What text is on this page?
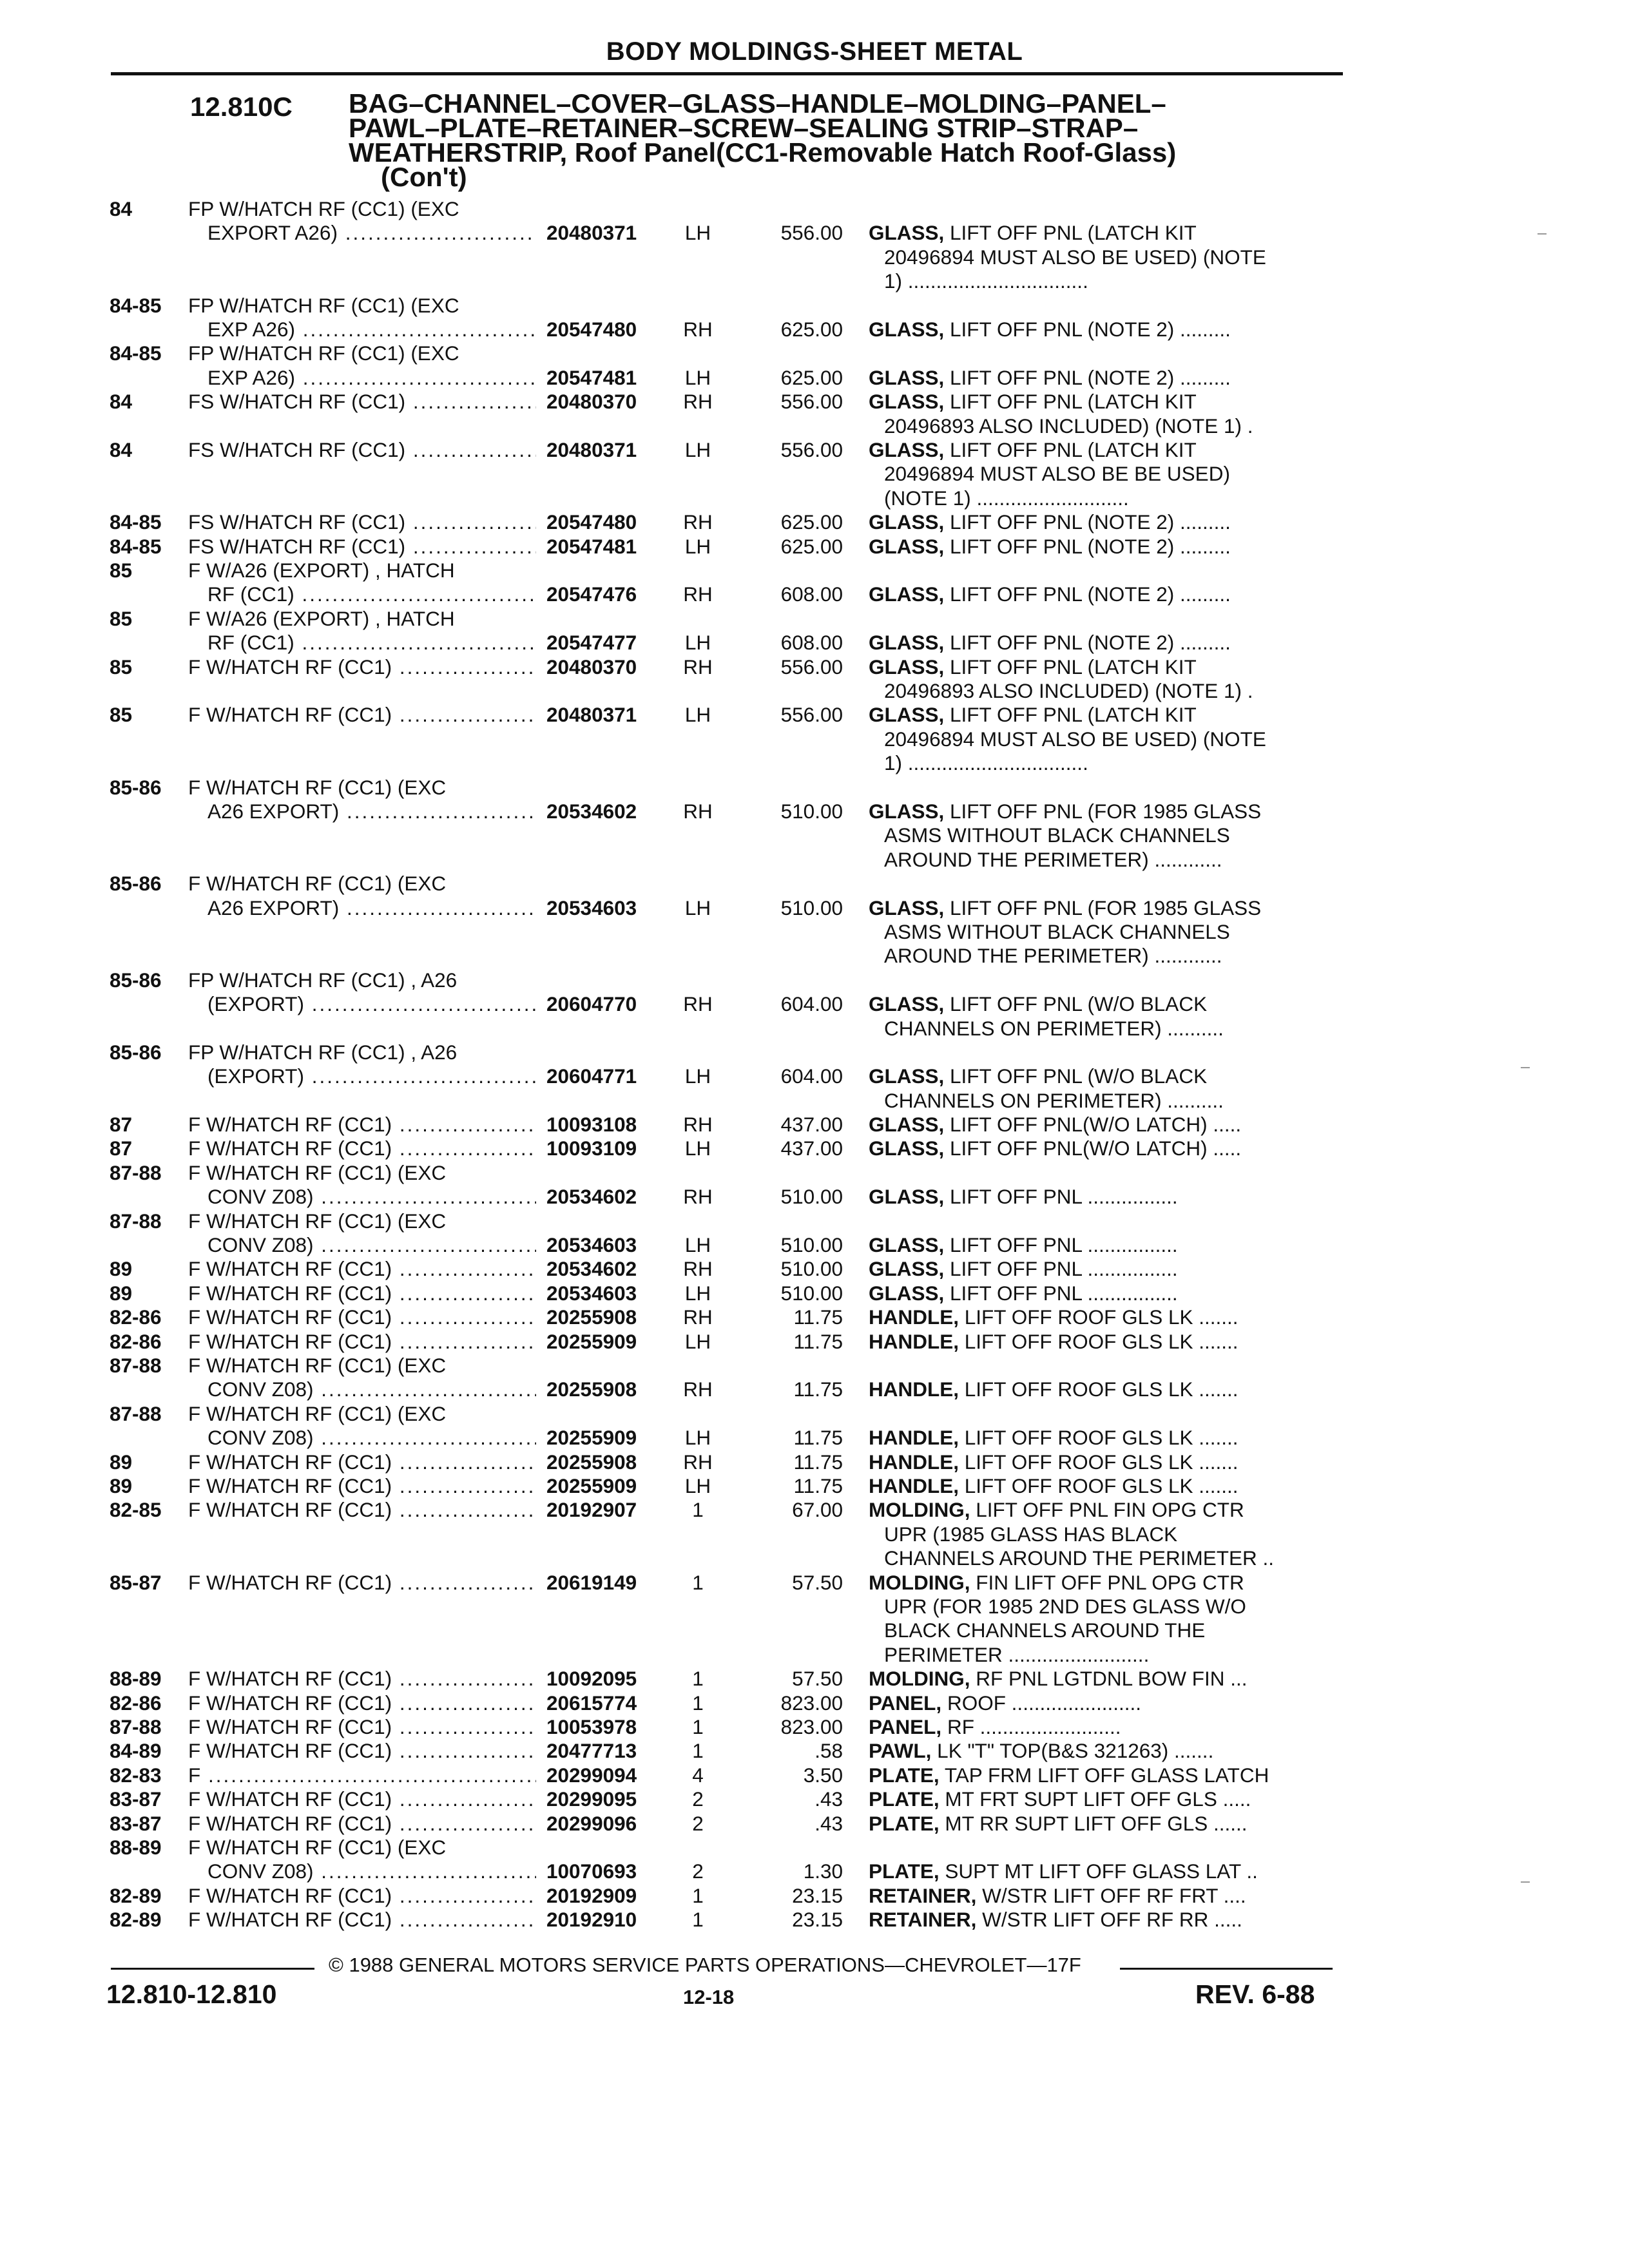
BODY MOLDINGS-SHEET METAL
12.810C BAG–CHANNEL–COVER–GLASS–HANDLE–MOLDING–PANEL–
PAWL–PLATE–RETAINER–SCREW–SEALING STRIP–STRAP–
WEATHERSTRIP, Roof Panel(CC1-Removable Hatch Roof-Glass)
(Con't)
84	FP W/HATCH RF (CC1) (EXC
EXPORT A26) .....	20480371	LH	556.00 GLASS, LIFT OFF PNL (LATCH KIT
20496894 MUST ALSO BE USED) (NOTE
1) ................................
84-85 FP W/HATCH RF (CC1) (EXC
EXP A26) .....	20547480 RH	625.00 GLASS, LIFT OFF PNL (NOTE 2) .........
84-85 FP W/HATCH RF (CC1) (EXC
EXP A26) .....	20547481	LH	625.00 GLASS, LIFT OFF PNL (NOTE 2) .........
84	FS W/HATCH RF (CC1) .....	20480370 RH	556.00 GLASS, LIFT OFF PNL (LATCH KIT
20496893 ALSO INCLUDED) (NOTE 1) .
84	FS W/HATCH RF (CC1) .....	20480371	LH	556.00 GLASS, LIFT OFF PNL (LATCH KIT
20496894 MUST ALSO BE BE USED)
(NOTE 1) ...........................
84-85 FS W/HATCH RF (CC1) .....	20547480 RH	625.00 GLASS, LIFT OFF PNL (NOTE 2) .........
84-85 FS W/HATCH RF (CC1) .....	20547481	LH	625.00 GLASS, LIFT OFF PNL (NOTE 2) .........
85	F W/A26 (EXPORT) , HATCH
RF (CC1) .....	20547476 RH	608.00 GLASS, LIFT OFF PNL (NOTE 2) .........
85	F W/A26 (EXPORT) , HATCH
RF (CC1) .....	20547477	LH	608.00 GLASS, LIFT OFF PNL (NOTE 2) .........
85	F W/HATCH RF (CC1) .....	20480370 RH	556.00 GLASS, LIFT OFF PNL (LATCH KIT
20496893 ALSO INCLUDED) (NOTE 1) .
85	F W/HATCH RF (CC1) .....	20480371	LH	556.00 GLASS, LIFT OFF PNL (LATCH KIT
20496894 MUST ALSO BE USED) (NOTE
1) ................................
85-86 F W/HATCH RF (CC1) (EXC
A26 EXPORT) .....	20534602 RH	510.00 GLASS, LIFT OFF PNL (FOR 1985 GLASS
ASMS WITHOUT BLACK CHANNELS
AROUND THE PERIMETER) ............
85-86 F W/HATCH RF (CC1) (EXC
A26 EXPORT) .....	20534603	LH	510.00 GLASS, LIFT OFF PNL (FOR 1985 GLASS
ASMS WITHOUT BLACK CHANNELS
AROUND THE PERIMETER) ............
85-86 FP W/HATCH RF (CC1) , A26
(EXPORT) .....	20604770 RH	604.00 GLASS, LIFT OFF PNL (W/O BLACK
CHANNELS ON PERIMETER) ..........
85-86 FP W/HATCH RF (CC1) , A26
(EXPORT) .....	20604771	LH	604.00 GLASS, LIFT OFF PNL (W/O BLACK
CHANNELS ON PERIMETER) ..........
87	F W/HATCH RF (CC1) .....	10093108 RH	437.00 GLASS, LIFT OFF PNL(W/O LATCH) .....
87	F W/HATCH RF (CC1) .....	10093109	LH	437.00 GLASS, LIFT OFF PNL(W/O LATCH) .....
87-88 F W/HATCH RF (CC1) (EXC
CONV Z08) .....	20534602 RH	510.00 GLASS, LIFT OFF PNL ................
87-88 F W/HATCH RF (CC1) (EXC
CONV Z08) .....	20534603	LH	510.00 GLASS, LIFT OFF PNL ................
89	F W/HATCH RF (CC1) .....	20534602 RH	510.00 GLASS, LIFT OFF PNL ................
89	F W/HATCH RF (CC1) .....	20534603	LH	510.00 GLASS, LIFT OFF PNL ................
82-86 F W/HATCH RF (CC1) .....	20255908 RH	11.75 HANDLE, LIFT OFF ROOF GLS LK .......
82-86 F W/HATCH RF (CC1) .....	20255909	LH	11.75 HANDLE, LIFT OFF ROOF GLS LK .......
87-88 F W/HATCH RF (CC1) (EXC
CONV Z08) .....	20255908 RH	11.75 HANDLE, LIFT OFF ROOF GLS LK .......
87-88 F W/HATCH RF (CC1) (EXC
CONV Z08) .....	20255909	LH	11.75 HANDLE, LIFT OFF ROOF GLS LK .......
89	F W/HATCH RF (CC1) .....	20255908 RH	11.75 HANDLE, LIFT OFF ROOF GLS LK .......
89	F W/HATCH RF (CC1) .....	20255909	LH	11.75 HANDLE, LIFT OFF ROOF GLS LK .......
82-85 F W/HATCH RF (CC1) .....	20192907	1	67.00 MOLDING, LIFT OFF PNL FIN OPG CTR
UPR (1985 GLASS HAS BLACK
CHANNELS AROUND THE PERIMETER ..
85-87 F W/HATCH RF (CC1) .....	20619149	1	57.50 MOLDING, FIN LIFT OFF PNL OPG CTR
UPR (FOR 1985 2ND DES GLASS W/O
BLACK CHANNELS AROUND THE
PERIMETER .........................
88-89 F W/HATCH RF (CC1) .....	10092095	1	57.50 MOLDING, RF PNL LGTDNL BOW FIN ...
82-86 F W/HATCH RF (CC1) .....	20615774	1	823.00 PANEL, ROOF .......................
87-88 F W/HATCH RF (CC1) .....	10053978	1	823.00 PANEL, RF .........................
84-89 F W/HATCH RF (CC1) .....	20477713	1	.58 PAWL, LK "T" TOP(B&S 321263) .......
82-83 F .....	20299094	4	3.50 PLATE, TAP FRM LIFT OFF GLASS LATCH
83-87 F W/HATCH RF (CC1) .....	20299095	2	.43 PLATE, MT FRT SUPT LIFT OFF GLS .....
83-87 F W/HATCH RF (CC1) .....	20299096	2	.43 PLATE, MT RR SUPT LIFT OFF GLS ......
88-89 F W/HATCH RF (CC1) (EXC
CONV Z08) .....	10070693	2	1.30 PLATE, SUPT MT LIFT OFF GLASS LAT ..
82-89 F W/HATCH RF (CC1) .....	20192909	1	23.15 RETAINER, W/STR LIFT OFF RF FRT ....
82-89 F W/HATCH RF (CC1) .....	20192910	1	23.15 RETAINER, W/STR LIFT OFF RF RR .....
© 1988 GENERAL MOTORS SERVICE PARTS OPERATIONS—CHEVROLET—17F
12.810-12.810	12-18	REV. 6-88
